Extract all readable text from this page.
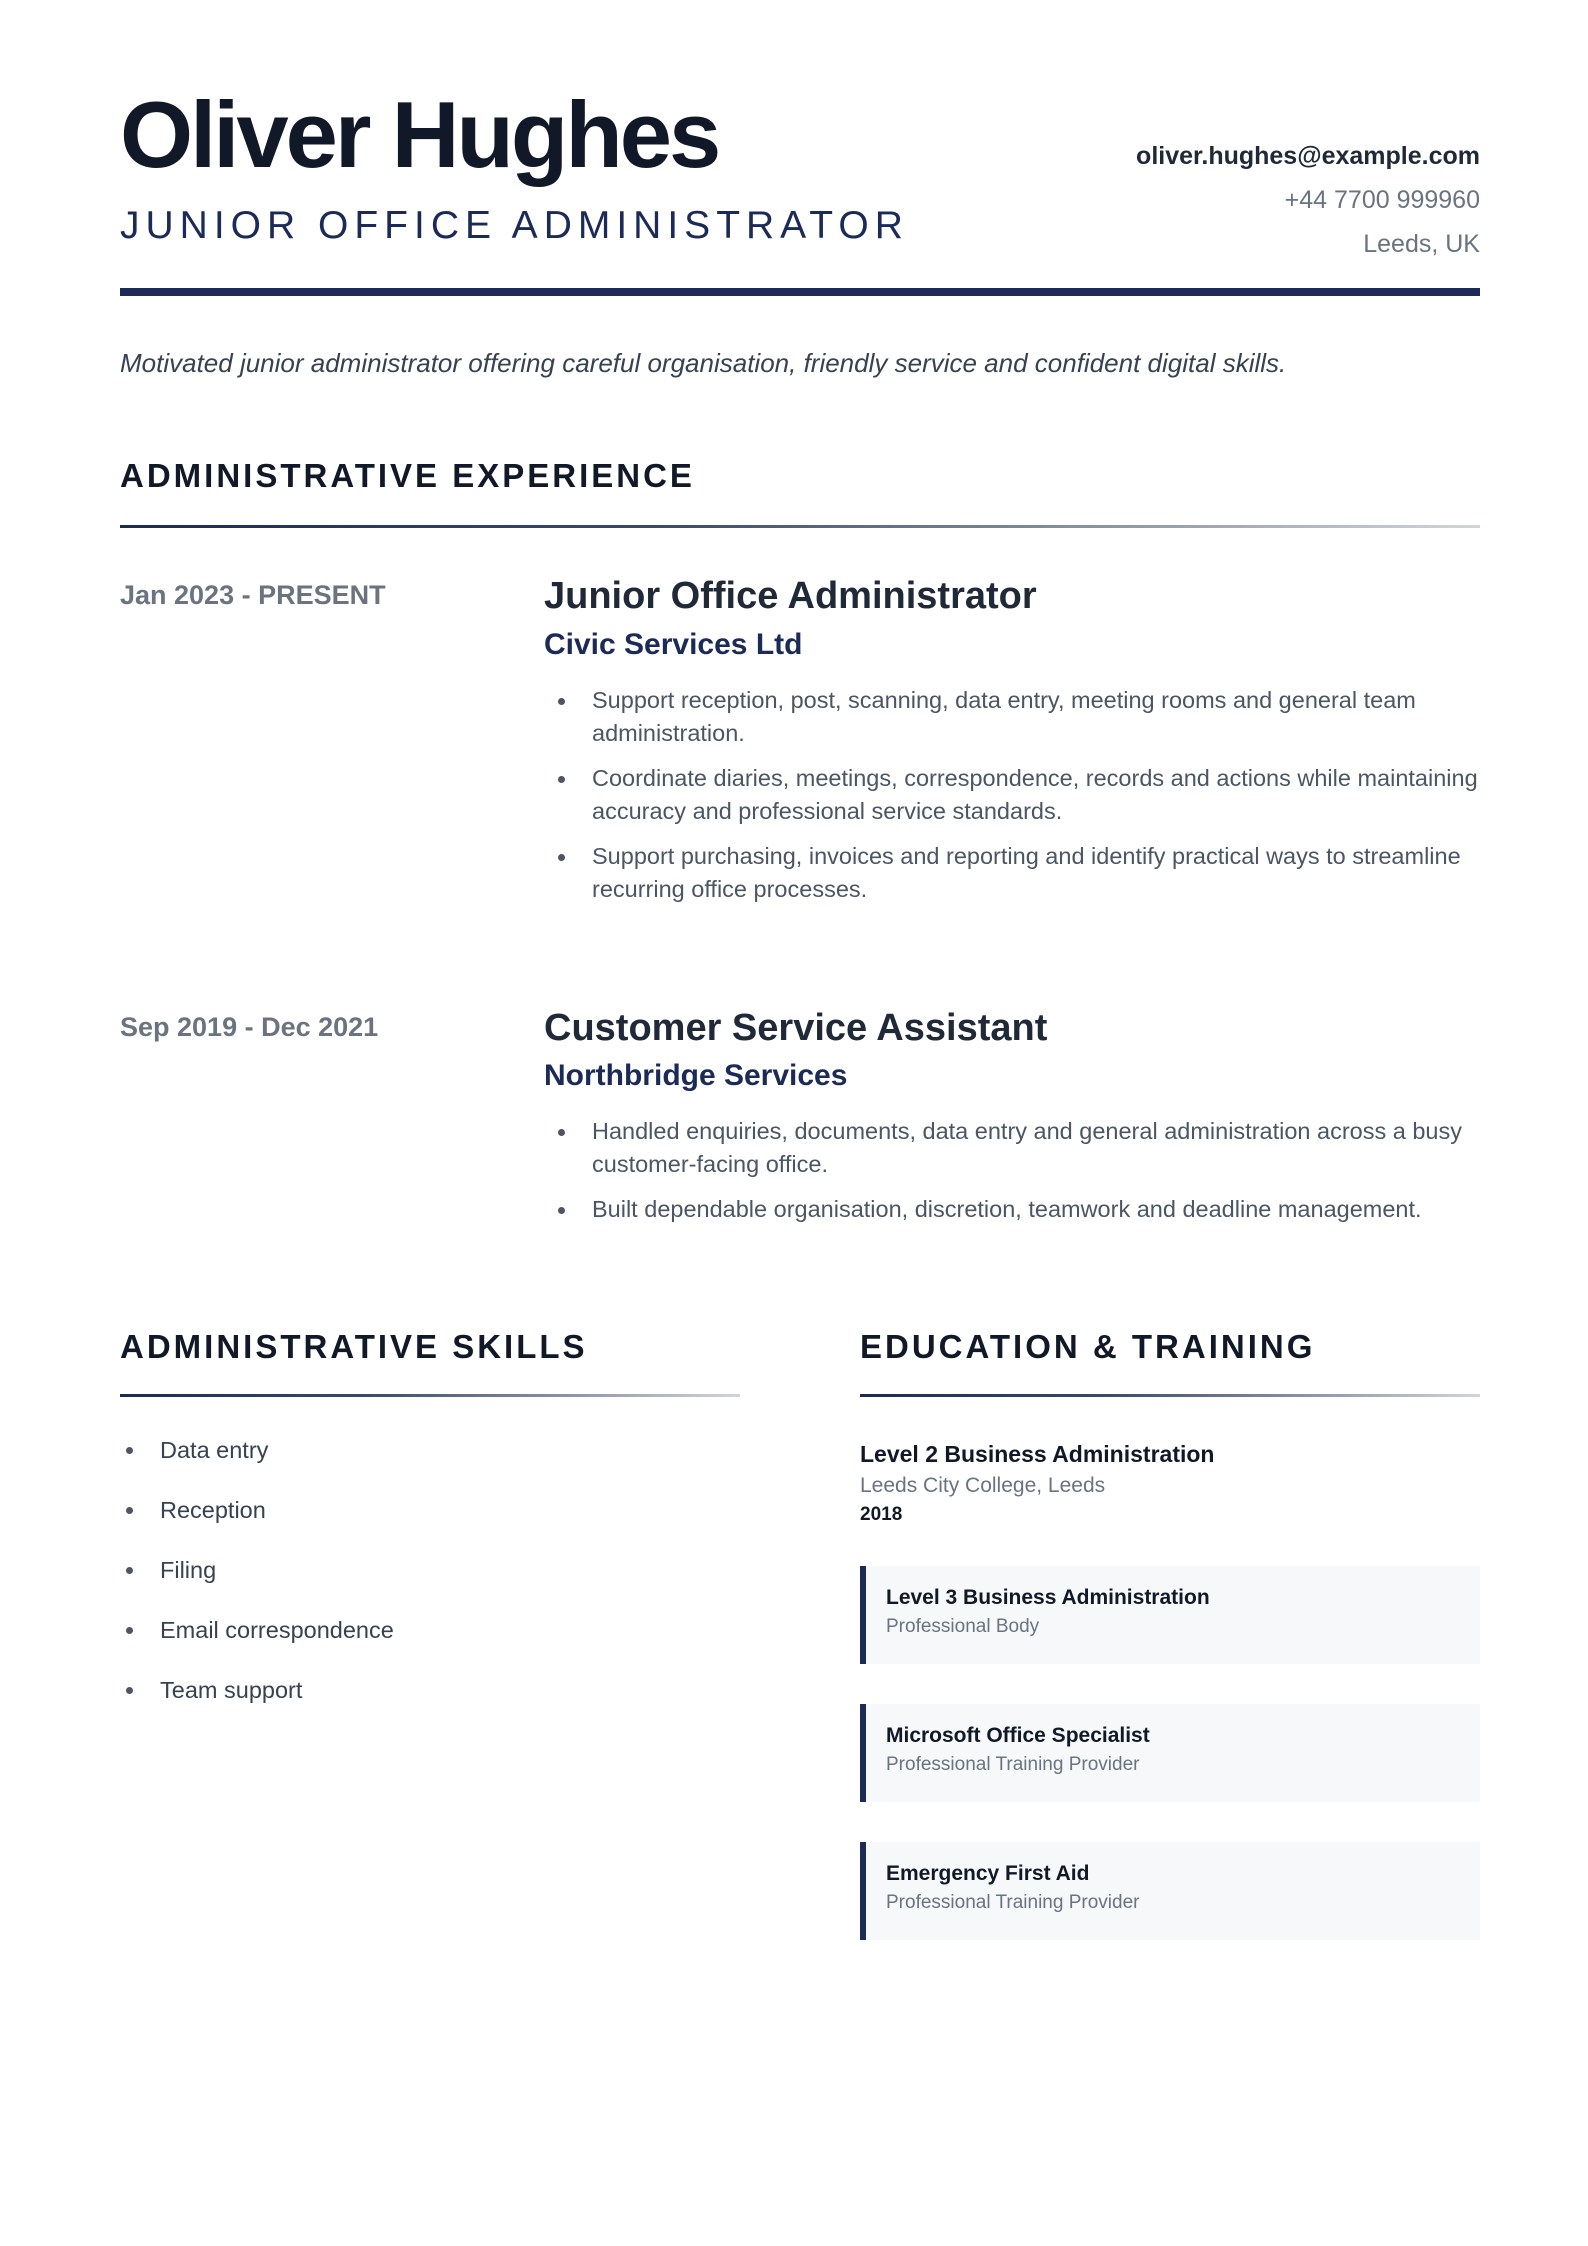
Oliver Hughes
JUNIOR OFFICE ADMINISTRATOR
oliver.hughes@example.com
+44 7700 999960
Leeds, UK

Motivated junior administrator offering careful organisation, friendly service and confident digital skills.

ADMINISTRATIVE EXPERIENCE
Jan 2023 - PRESENT	Junior Office Administrator
Civic Services Ltd
Support reception, post, scanning, data entry, meeting rooms and general team administration.
Coordinate diaries, meetings, correspondence, records and actions while maintaining accuracy and professional service standards.
Support purchasing, invoices and reporting and identify practical ways to streamline recurring office processes.
Sep 2019 - Dec 2021	Customer Service Assistant
Northbridge Services
Handled enquiries, documents, data entry and general administration across a busy customer-facing office.
Built dependable organisation, discretion, teamwork and deadline management.
ADMINISTRATIVE SKILLS
Data entry
Reception
Filing
Email correspondence
Team support
EDUCATION & TRAINING
Level 2 Business Administration
Leeds City College, Leeds
2018
Level 3 Business Administration
Professional Body
Microsoft Office Specialist
Professional Training Provider
Emergency First Aid
Professional Training Provider
